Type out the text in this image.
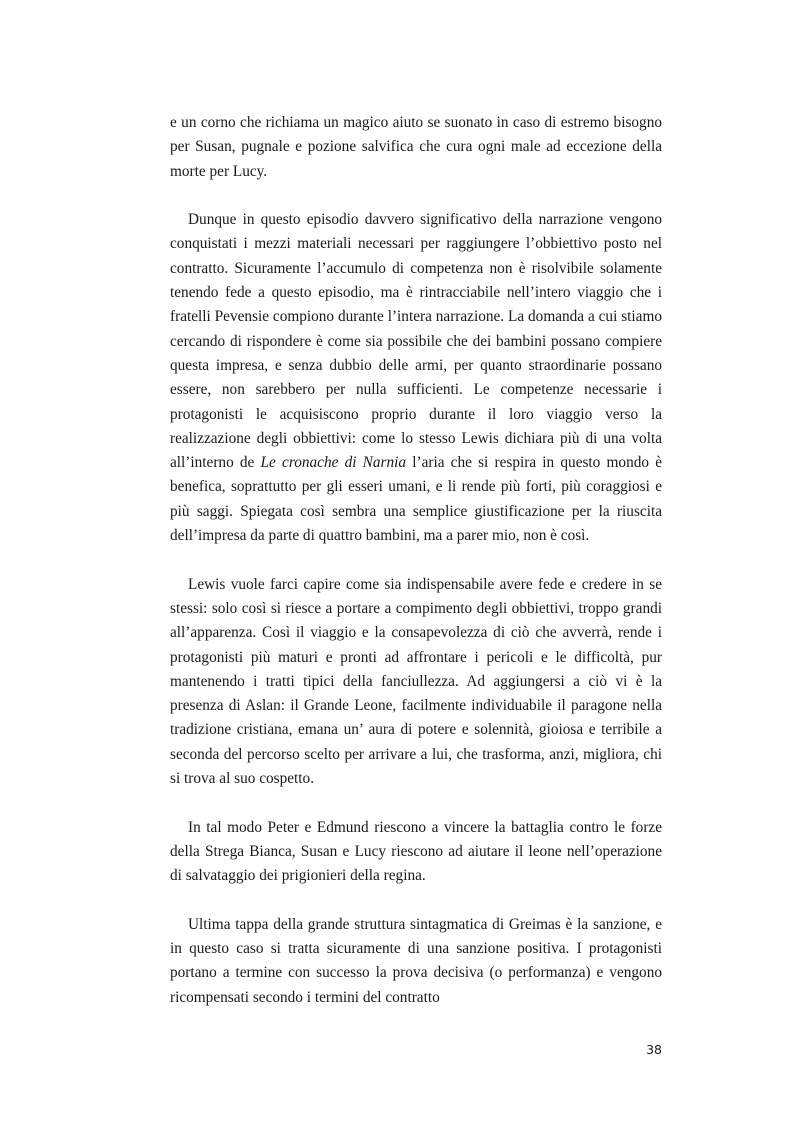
e un corno che richiama un magico aiuto se suonato in caso di estremo bisogno per Susan, pugnale e pozione salvifica che cura ogni male ad eccezione della morte per Lucy.

Dunque in questo episodio davvero significativo della narrazione vengono conquistati i mezzi materiali necessari per raggiungere l’obbiettivo posto nel contratto. Sicuramente l’accumulo di competenza non è risolvibile solamente tenendo fede a questo episodio, ma è rintracciabile nell’intero viaggio che i fratelli Pevensie compiono durante l’intera narrazione. La domanda a cui stiamo cercando di rispondere è come sia possibile che dei bambini possano compiere questa impresa, e senza dubbio delle armi, per quanto straordinarie possano essere, non sarebbero per nulla sufficienti. Le competenze necessarie i protagonisti le acquisiscono proprio durante il loro viaggio verso la realizzazione degli obbiettivi: come lo stesso Lewis dichiara più di una volta all’interno de Le cronache di Narnia l’aria che si respira in questo mondo è benefica, soprattutto per gli esseri umani, e li rende più forti, più coraggiosi e più saggi. Spiegata così sembra una semplice giustificazione per la riuscita dell’impresa da parte di quattro bambini, ma a parer mio, non è così.

Lewis vuole farci capire come sia indispensabile avere fede e credere in se stessi: solo così si riesce a portare a compimento degli obbiettivi, troppo grandi all’apparenza. Così il viaggio e la consapevolezza di ciò che avverrà, rende i protagonisti più maturi e pronti ad affrontare i pericoli e le difficoltà, pur mantenendo i tratti tipici della fanciullezza. Ad aggiungersi a ciò vi è la presenza di Aslan: il Grande Leone, facilmente individuabile il paragone nella tradizione cristiana, emana un’ aura di potere e solennità, gioiosa e terribile a seconda del percorso scelto per arrivare a lui, che trasforma, anzi, migliora, chi si trova al suo cospetto.

In tal modo Peter e Edmund riescono a vincere la battaglia contro le forze della Strega Bianca, Susan e Lucy riescono ad aiutare il leone nell’operazione di salvataggio dei prigionieri della regina.

Ultima tappa della grande struttura sintagmatica di Greimas è la sanzione, e in questo caso si tratta sicuramente di una sanzione positiva. I protagonisti portano a termine con successo la prova decisiva (o performanza) e vengono ricompensati secondo i termini del contratto

38
